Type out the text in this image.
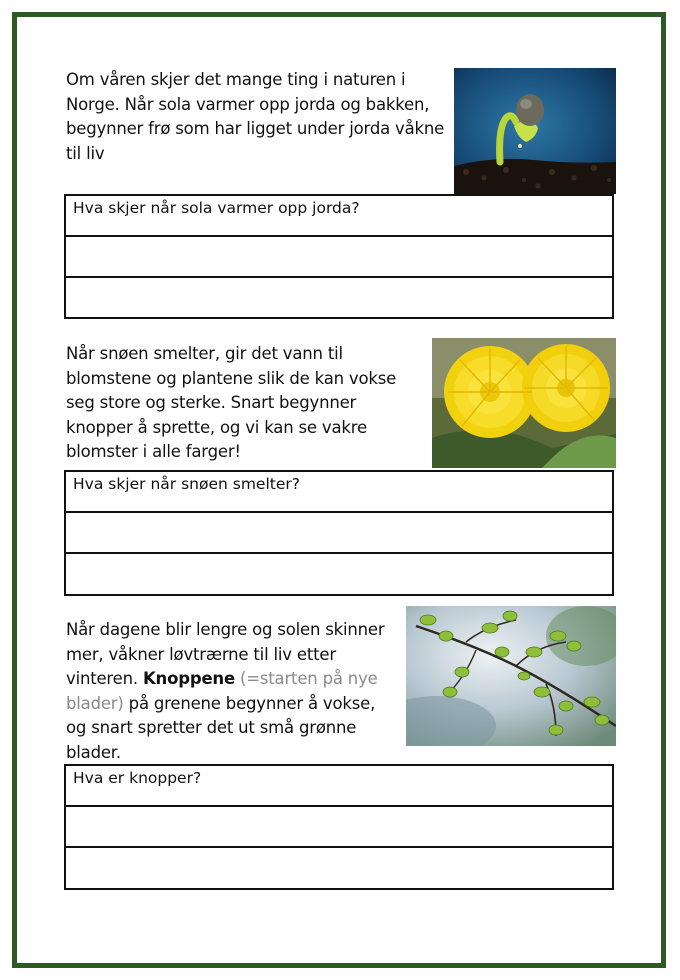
Om våren skjer det mange ting i naturen i Norge. Når sola varmer opp jorda og bakken, begynner frø som har ligget under jorda våkne til liv
Hva skjer når sola varmer opp jorda?
Når snøen smelter, gir det vann til blomstene og plantene slik de kan vokse seg store og sterke. Snart begynner knopper å sprette, og vi kan se vakre blomster i alle farger!
Hva skjer når snøen smelter?
Når dagene blir lengre og solen skinner mer, våkner løvtrærne til liv etter vinteren. Knoppene (=starten på nye blader) på grenene begynner å vokse, og snart spretter det ut små grønne blader.
Hva er knopper?
